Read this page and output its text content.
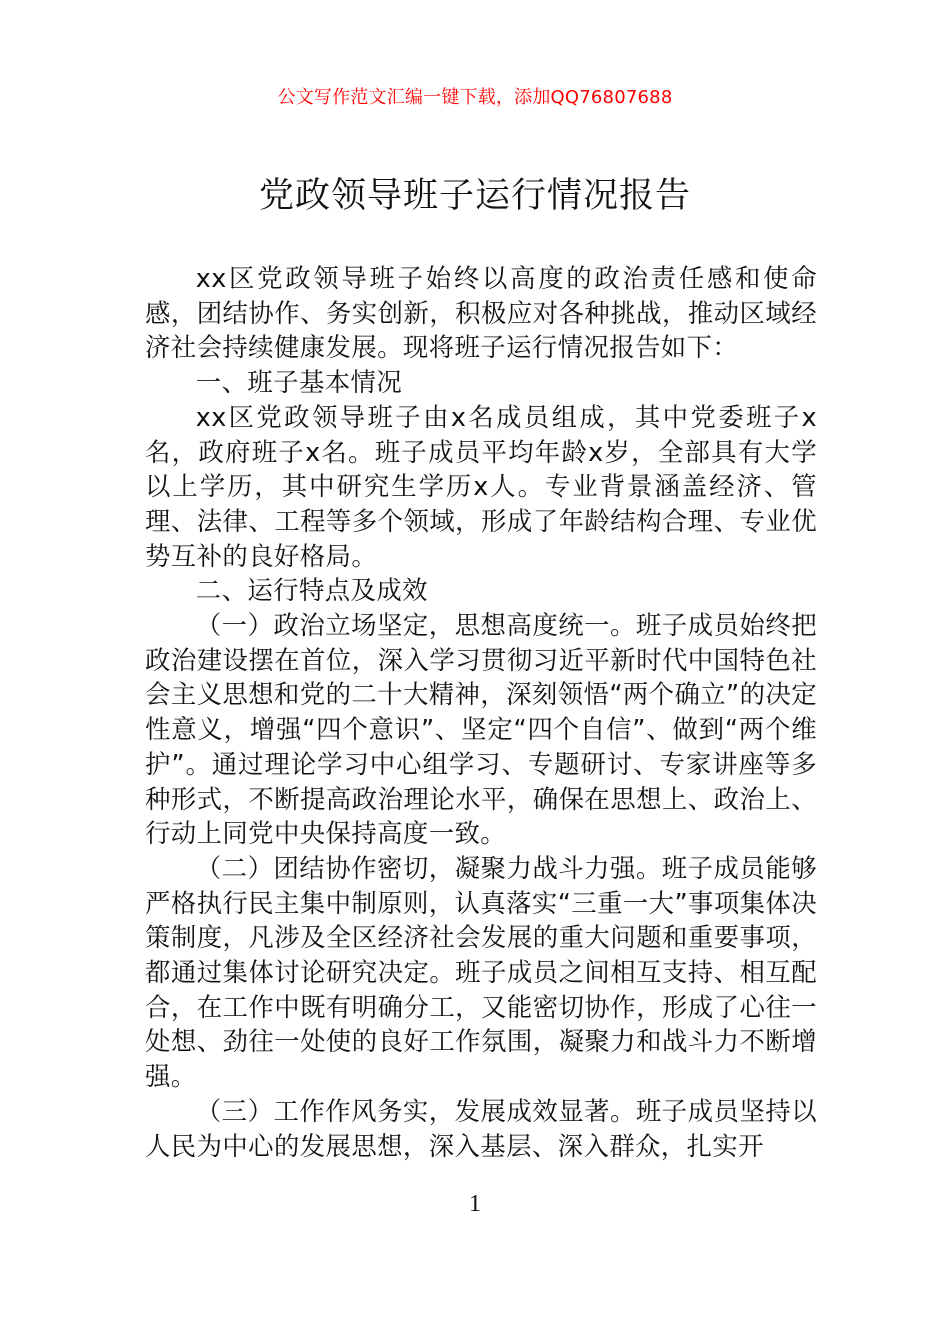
公文写作范文汇编一键下载，添加QQ76807688
党政领导班子运行情况报告

xx区党政领导班子始终以高度的政治责任感和使命感，团结协作、务实创新，积极应对各种挑战，推动区域经济社会持续健康发展。现将班子运行情况报告如下：

一、班子基本情况

xx区党政领导班子由x名成员组成，其中党委班子x名，政府班子x名。班子成员平均年龄x岁，全部具有大学以上学历，其中研究生学历x人。专业背景涵盖经济、管理、法律、工程等多个领域，形成了年龄结构合理、专业优势互补的良好格局。

二、运行特点及成效

（一）政治立场坚定，思想高度统一。班子成员始终把政治建设摆在首位，深入学习贯彻习近平新时代中国特色社会主义思想和党的二十大精神，深刻领悟“两个确立”的决定性意义，增强“四个意识”、坚定“四个自信”、做到“两个维护”。通过理论学习中心组学习、专题研讨、专家讲座等多种形式，不断提高政治理论水平，确保在思想上、政治上、行动上同党中央保持高度一致。

（二）团结协作密切，凝聚力战斗力强。班子成员能够严格执行民主集中制原则，认真落实“三重一大”事项集体决策制度，凡涉及全区经济社会发展的重大问题和重要事项，都通过集体讨论研究决定。班子成员之间相互支持、相互配合，在工作中既有明确分工，又能密切协作，形成了心往一处想、劲往一处使的良好工作氛围，凝聚力和战斗力不断增强。

（三）工作作风务实，发展成效显著。班子成员坚持以人民为中心的发展思想，深入基层、深入群众，扎实开

1
